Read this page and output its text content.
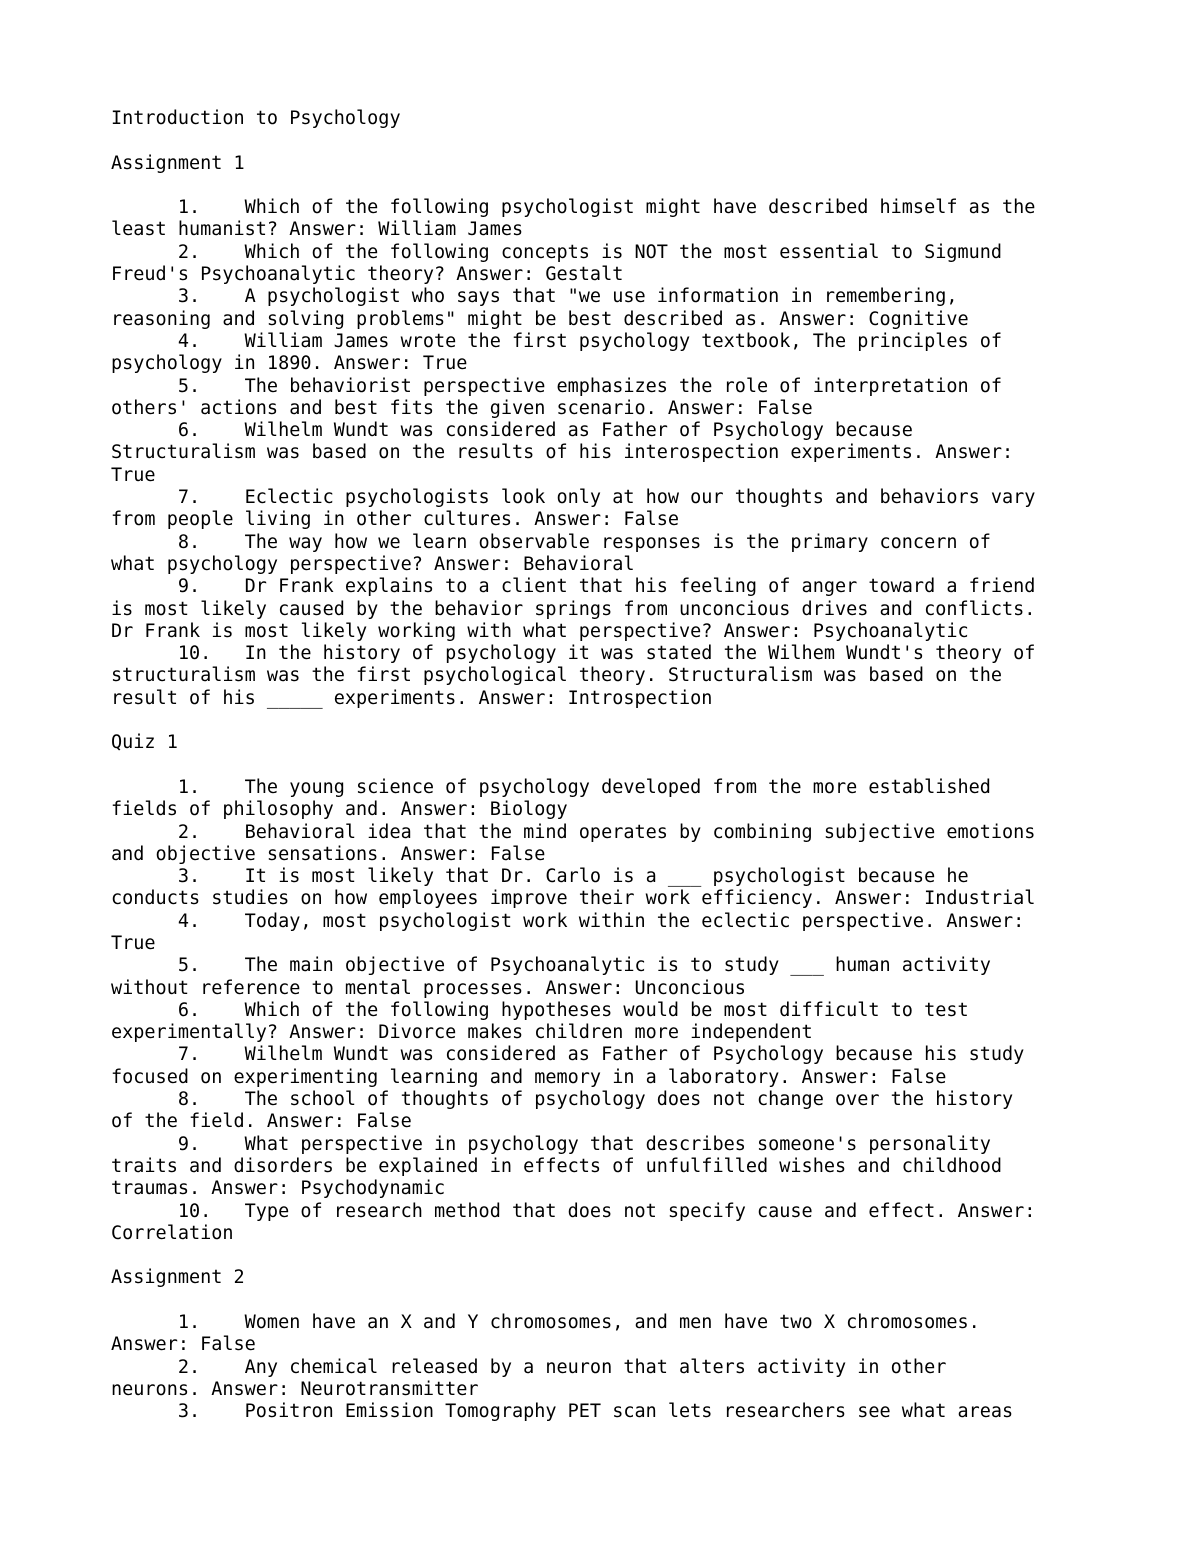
Introduction to Psychology
Assignment 1
1.    Which of the following psychologist might have described himself as the
least humanist? Answer: William James
2.    Which of the following concepts is NOT the most essential to Sigmund
Freud's Psychoanalytic theory? Answer: Gestalt
3.    A psychologist who says that "we use information in remembering,
reasoning and solving problems" might be best described as. Answer: Cognitive
4.    William James wrote the first psychology textbook, The principles of
psychology in 1890. Answer: True
5.    The behaviorist perspective emphasizes the role of interpretation of
others' actions and best fits the given scenario. Answer: False
6.    Wilhelm Wundt was considered as Father of Psychology because
Structuralism was based on the results of his interospection experiments. Answer:
True
7.    Eclectic psychologists look only at how our thoughts and behaviors vary
from people living in other cultures. Answer: False
8.    The way how we learn observable responses is the primary concern of
what psychology perspective? Answer: Behavioral
9.    Dr Frank explains to a client that his feeling of anger toward a friend
is most likely caused by the behavior springs from unconcious drives and conflicts.
Dr Frank is most likely working with what perspective? Answer: Psychoanalytic
10.   In the history of psychology it was stated the Wilhem Wundt's theory of
structuralism was the first psychological theory. Structuralism was based on the
result of his _____ experiments. Answer: Introspection
Quiz 1
1.    The young science of psychology developed from the more established
fields of philosophy and. Answer: Biology
2.    Behavioral idea that the mind operates by combining subjective emotions
and objective sensations. Answer: False
3.    It is most likely that Dr. Carlo is a ___ psychologist because he
conducts studies on how employees improve their work efficiency. Answer: Industrial
4.    Today, most psychologist work within the eclectic perspective. Answer:
True
5.    The main objective of Psychoanalytic is to study ___ human activity
without reference to mental processes. Answer: Unconcious
6.    Which of the following hypotheses would be most difficult to test
experimentally? Answer: Divorce makes children more independent
7.    Wilhelm Wundt was considered as Father of Psychology because his study
focused on experimenting learning and memory in a laboratory. Answer: False
8.    The school of thoughts of psychology does not change over the history
of the field. Answer: False
9.    What perspective in psychology that describes someone's personality
traits and disorders be explained in effects of unfulfilled wishes and childhood
traumas. Answer: Psychodynamic
10.   Type of research method that does not specify cause and effect. Answer:
Correlation
Assignment 2
1.    Women have an X and Y chromosomes, and men have two X chromosomes.
Answer: False
2.    Any chemical released by a neuron that alters activity in other
neurons. Answer: Neurotransmitter
3.    Positron Emission Tomography PET scan lets researchers see what areas
